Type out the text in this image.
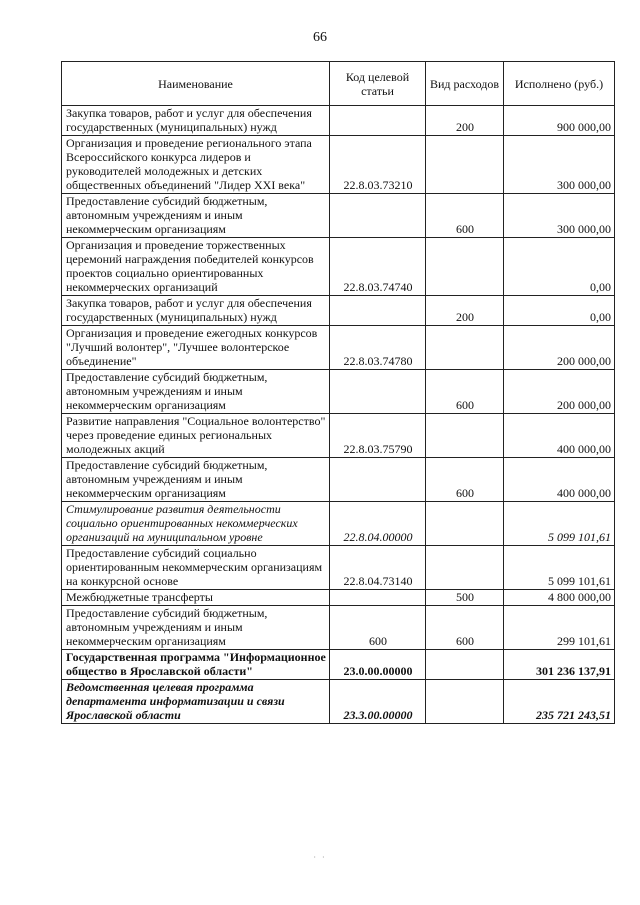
66
Наименование	Код целевой статьи	Вид расходов	Исполнено (руб.)
Закупка товаров, работ и услуг для обеспечения государственных (муниципальных) нужд		200	900 000,00
Организация и проведение регионального этапа Всероссийского конкурса лидеров и руководителей молодежных и детских общественных объединений "Лидер XXI века"	22.8.03.73210		300 000,00
Предоставление субсидий бюджетным, автономным учреждениям и иным некоммерческим организациям		600	300 000,00
Организация и проведение торжественных церемоний награждения победителей конкурсов проектов социально ориентированных некоммерческих организаций	22.8.03.74740		0,00
Закупка товаров, работ и услуг для обеспечения государственных (муниципальных) нужд		200	0,00
Организация и проведение ежегодных конкурсов "Лучший волонтер", "Лучшее волонтерское объединение"	22.8.03.74780		200 000,00
Предоставление субсидий бюджетным, автономным учреждениям и иным некоммерческим организациям		600	200 000,00
Развитие направления "Социальное волонтерство" через проведение единых региональных молодежных акций	22.8.03.75790		400 000,00
Предоставление субсидий бюджетным, автономным учреждениям и иным некоммерческим организациям		600	400 000,00
Стимулирование развития деятельности социально ориентированных некоммерческих организаций на муниципальном уровне	22.8.04.00000		5 099 101,61
Предоставление субсидий социально ориентированным некоммерческим организациям на конкурсной основе	22.8.04.73140		5 099 101,61
Межбюджетные трансферты		500	4 800 000,00
Предоставление субсидий бюджетным, автономным учреждениям и иным некоммерческим организациям	600	600	299 101,61
Государственная программа "Информационное общество в Ярославской области"	23.0.00.00000		301 236 137,91
Ведомственная целевая программа департамента информатизации и связи Ярославской области	23.3.00.00000		235 721 243,51
· ·
